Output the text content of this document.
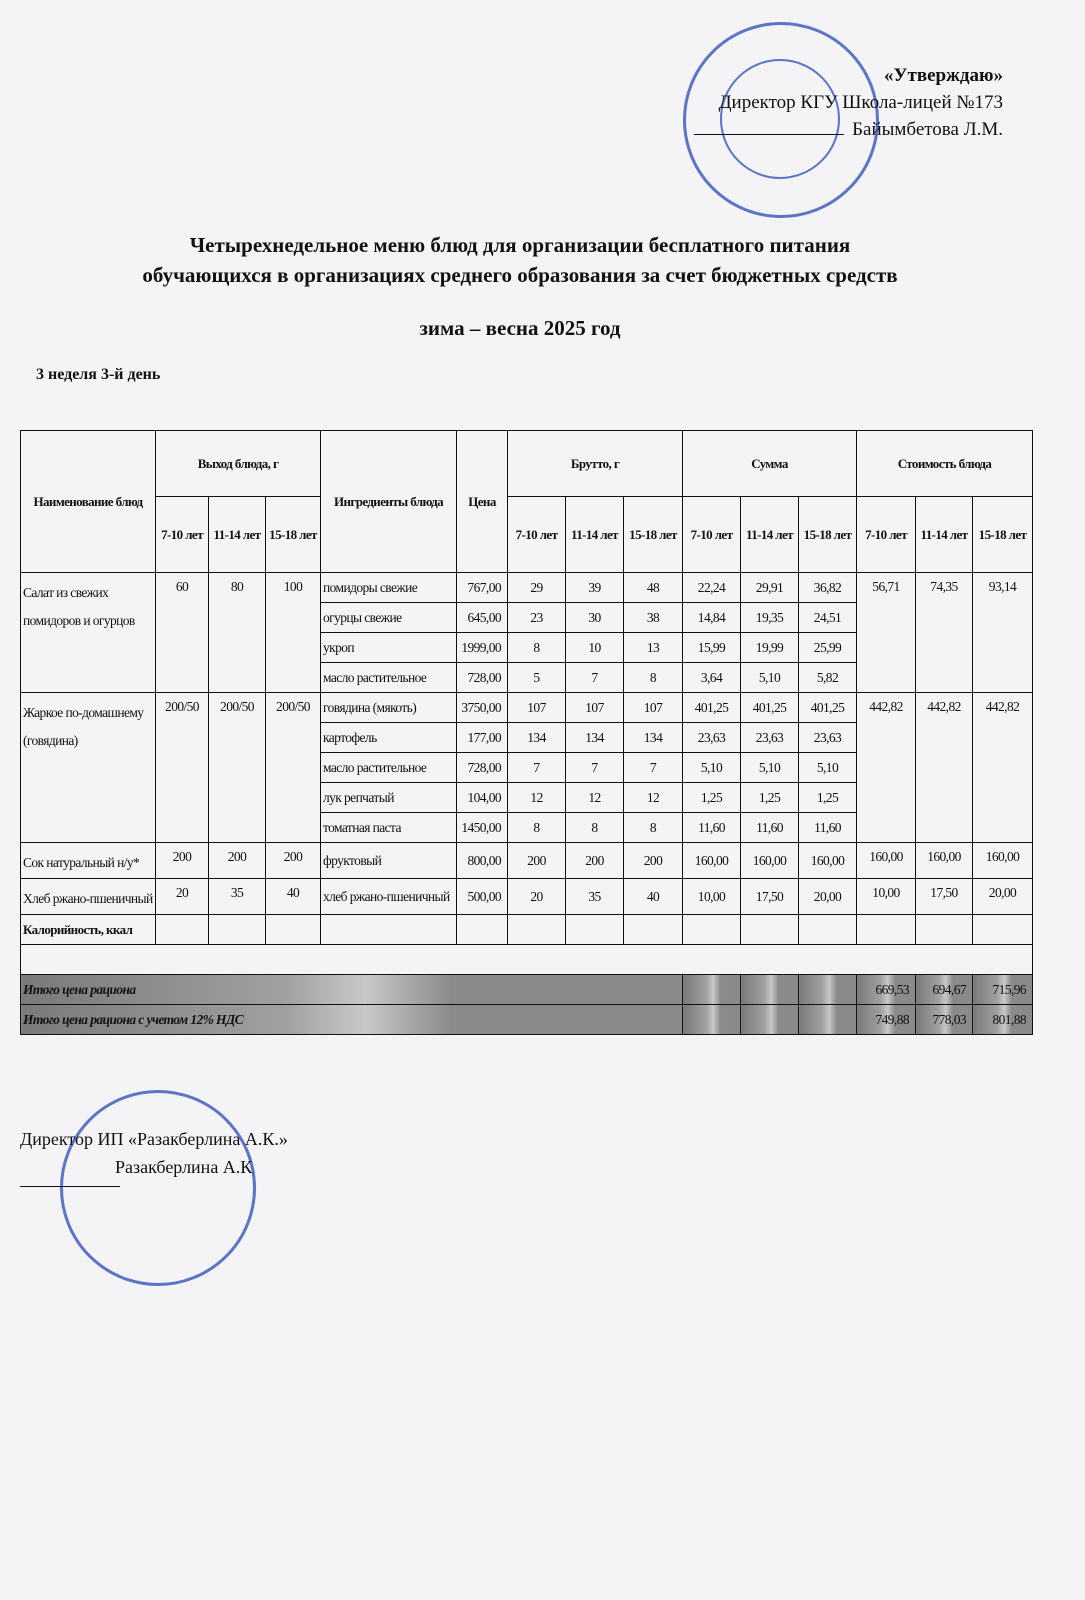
«Утверждаю»
Директор КГУ Школа-лицей №173
Байымбетова Л.М.
Четырехнедельное меню блюд для организации бесплатного питания
обучающихся в организациях среднего образования за счет бюджетных средств
зима – весна 2025 год
3 неделя 3-й день
Наименование блюд	Выход блюда, г			Ингредиенты блюда	Цена	Брутто, г			Сумма			Стоимость блюда		
	7-10 лет	11-14 лет	15-18 лет			7-10 лет	11-14 лет	15-18 лет	7-10 лет	11-14 лет	15-18 лет	7-10 лет	11-14 лет	15-18 лет
Салат из свежих помидоров и огурцов	60	80	100	помидоры свежие	767,00	29	39	48	22,24	29,91	36,82	56,71	74,35	93,14
				огурцы свежие	645,00	23	30	38	14,84	19,35	24,51			
				укроп	1999,00	8	10	13	15,99	19,99	25,99			
				масло растительное	728,00	5	7	8	3,64	5,10	5,82			
Жаркое по-домашнему (говядина)	200/50	200/50	200/50	говядина (мякоть)	3750,00	107	107	107	401,25	401,25	401,25	442,82	442,82	442,82
				картофель	177,00	134	134	134	23,63	23,63	23,63			
				масло растительное	728,00	7	7	7	5,10	5,10	5,10			
				лук репчатый	104,00	12	12	12	1,25	1,25	1,25			
				томатная паста	1450,00	8	8	8	11,60	11,60	11,60			
Сок натуральный н/у*	200	200	200	фруктовый	800,00	200	200	200	160,00	160,00	160,00	160,00	160,00	160,00
Хлеб ржано-пшеничный	20	35	40	хлеб ржано-пшеничный	500,00	20	35	40	10,00	17,50	20,00	10,00	17,50	20,00
Калорийность, ккал														

Итого цена рациона												669,53	694,67	715,96
Итого цена рациона с учетом 12% НДС												749,88	778,03	801,88
Директор ИП «Разакберлина А.К.»
Разакберлина А.К
